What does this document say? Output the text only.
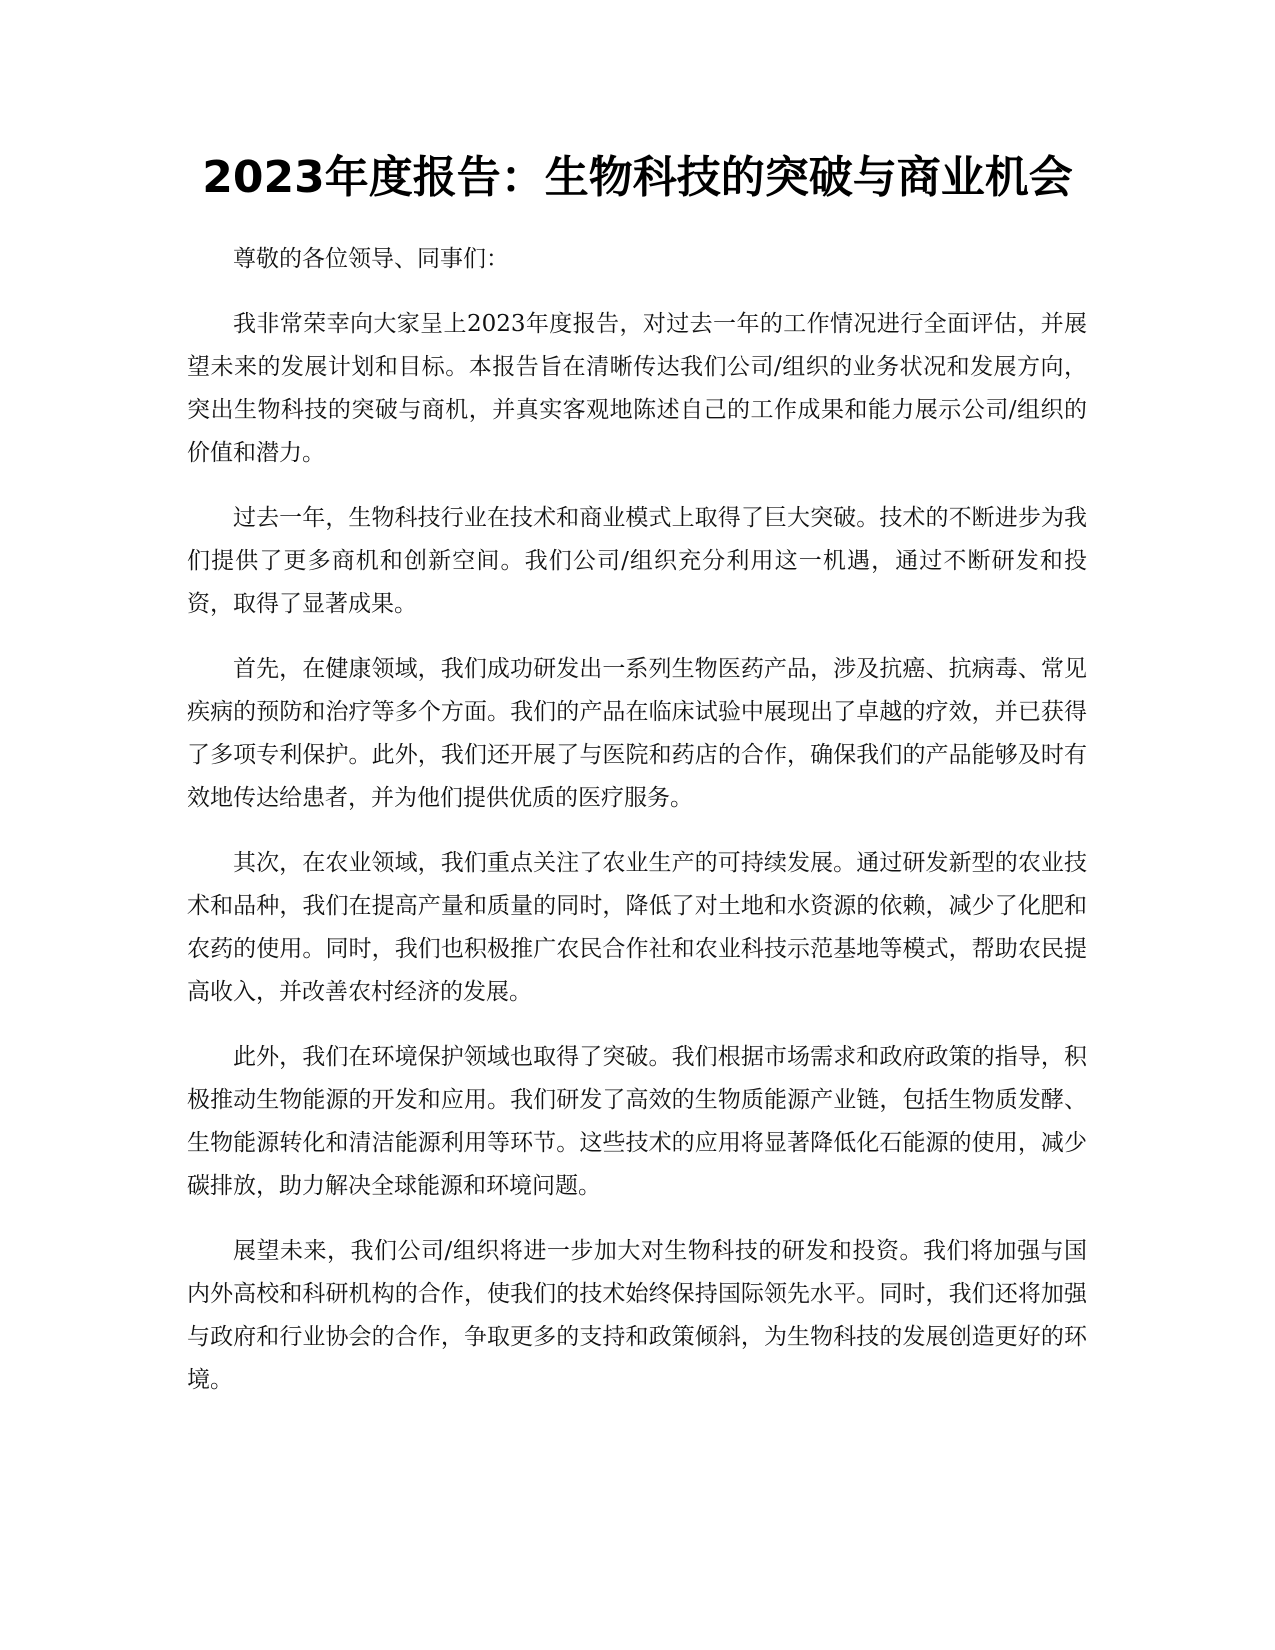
2023年度报告：生物科技的突破与商业机会

尊敬的各位领导、同事们：

我非常荣幸向大家呈上2023年度报告，对过去一年的工作情况进行全面评估，并展望未来的发展计划和目标。本报告旨在清晰传达我们公司/组织的业务状况和发展方向，突出生物科技的突破与商机，并真实客观地陈述自己的工作成果和能力展示公司/组织的价值和潜力。

过去一年，生物科技行业在技术和商业模式上取得了巨大突破。技术的不断进步为我们提供了更多商机和创新空间。我们公司/组织充分利用这一机遇，通过不断研发和投资，取得了显著成果。

首先，在健康领域，我们成功研发出一系列生物医药产品，涉及抗癌、抗病毒、常见疾病的预防和治疗等多个方面。我们的产品在临床试验中展现出了卓越的疗效，并已获得了多项专利保护。此外，我们还开展了与医院和药店的合作，确保我们的产品能够及时有效地传达给患者，并为他们提供优质的医疗服务。

其次，在农业领域，我们重点关注了农业生产的可持续发展。通过研发新型的农业技术和品种，我们在提高产量和质量的同时，降低了对土地和水资源的依赖，减少了化肥和农药的使用。同时，我们也积极推广农民合作社和农业科技示范基地等模式，帮助农民提高收入，并改善农村经济的发展。

此外，我们在环境保护领域也取得了突破。我们根据市场需求和政府政策的指导，积极推动生物能源的开发和应用。我们研发了高效的生物质能源产业链，包括生物质发酵、生物能源转化和清洁能源利用等环节。这些技术的应用将显著降低化石能源的使用，减少碳排放，助力解决全球能源和环境问题。

展望未来，我们公司/组织将进一步加大对生物科技的研发和投资。我们将加强与国内外高校和科研机构的合作，使我们的技术始终保持国际领先水平。同时，我们还将加强与政府和行业协会的合作，争取更多的支持和政策倾斜，为生物科技的发展创造更好的环境。
